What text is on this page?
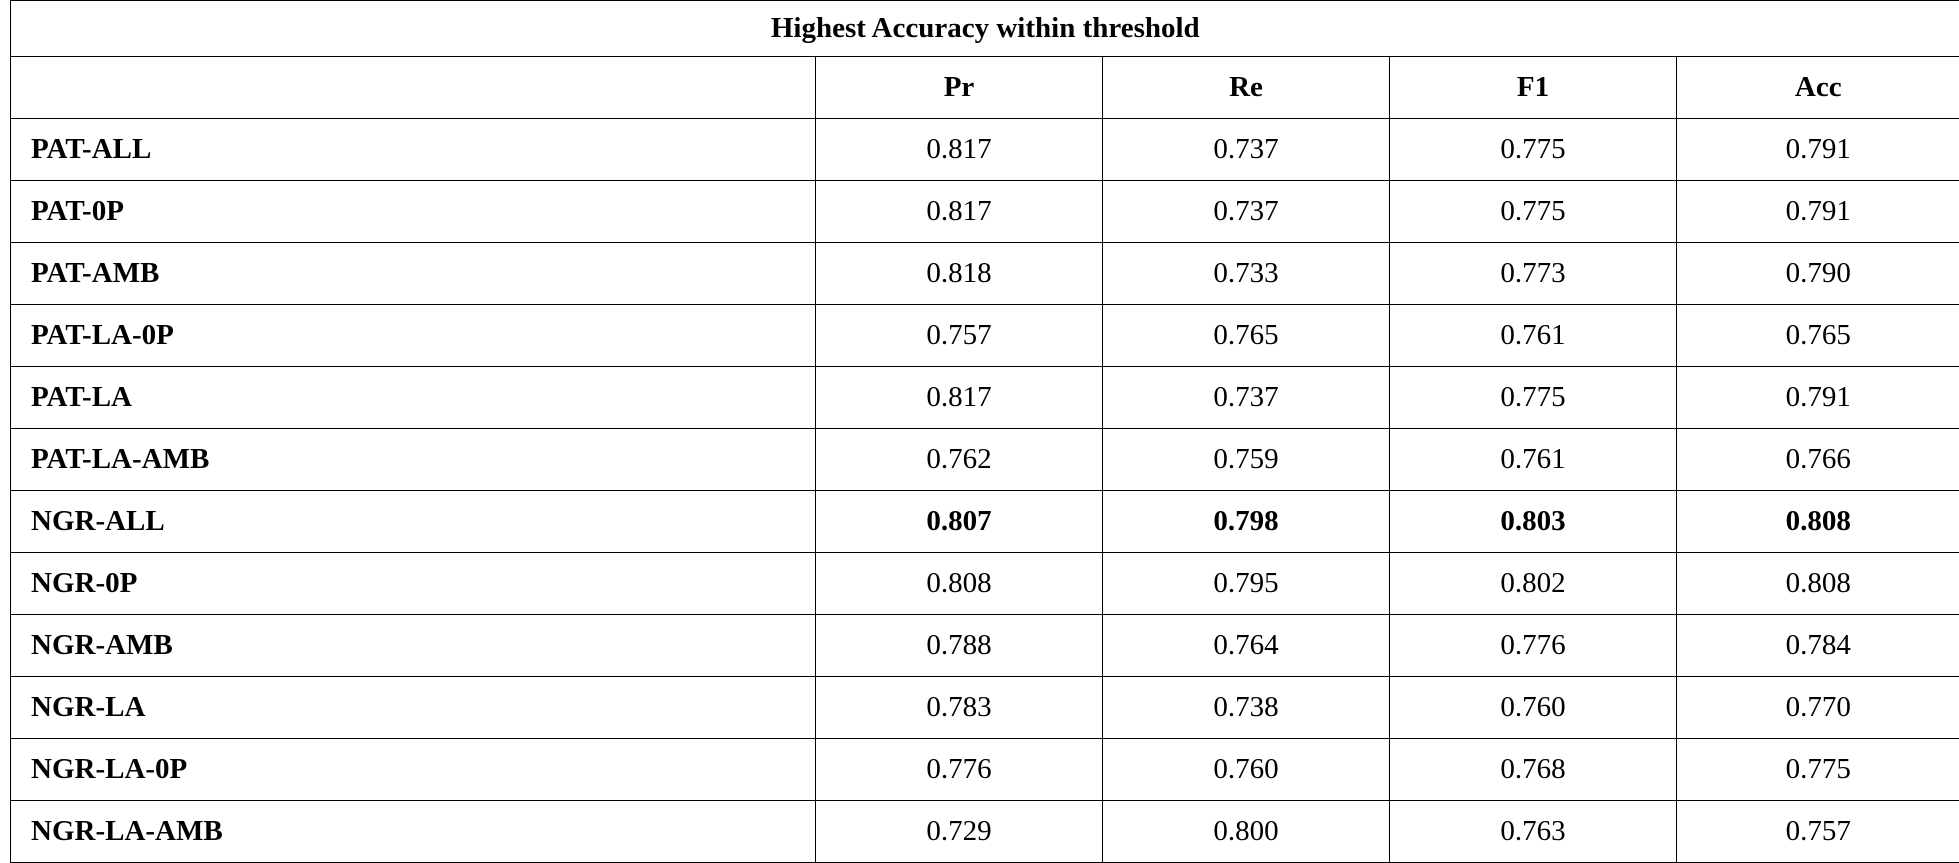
Highest Accuracy within threshold				
	Pr	Re	F1	Acc
PAT-ALL	0.817	0.737	0.775	0.791
PAT-0P	0.817	0.737	0.775	0.791
PAT-AMB	0.818	0.733	0.773	0.790
PAT-LA-0P	0.757	0.765	0.761	0.765
PAT-LA	0.817	0.737	0.775	0.791
PAT-LA-AMB	0.762	0.759	0.761	0.766
NGR-ALL	0.807	0.798	0.803	0.808
NGR-0P	0.808	0.795	0.802	0.808
NGR-AMB	0.788	0.764	0.776	0.784
NGR-LA	0.783	0.738	0.760	0.770
NGR-LA-0P	0.776	0.760	0.768	0.775
NGR-LA-AMB	0.729	0.800	0.763	0.757
